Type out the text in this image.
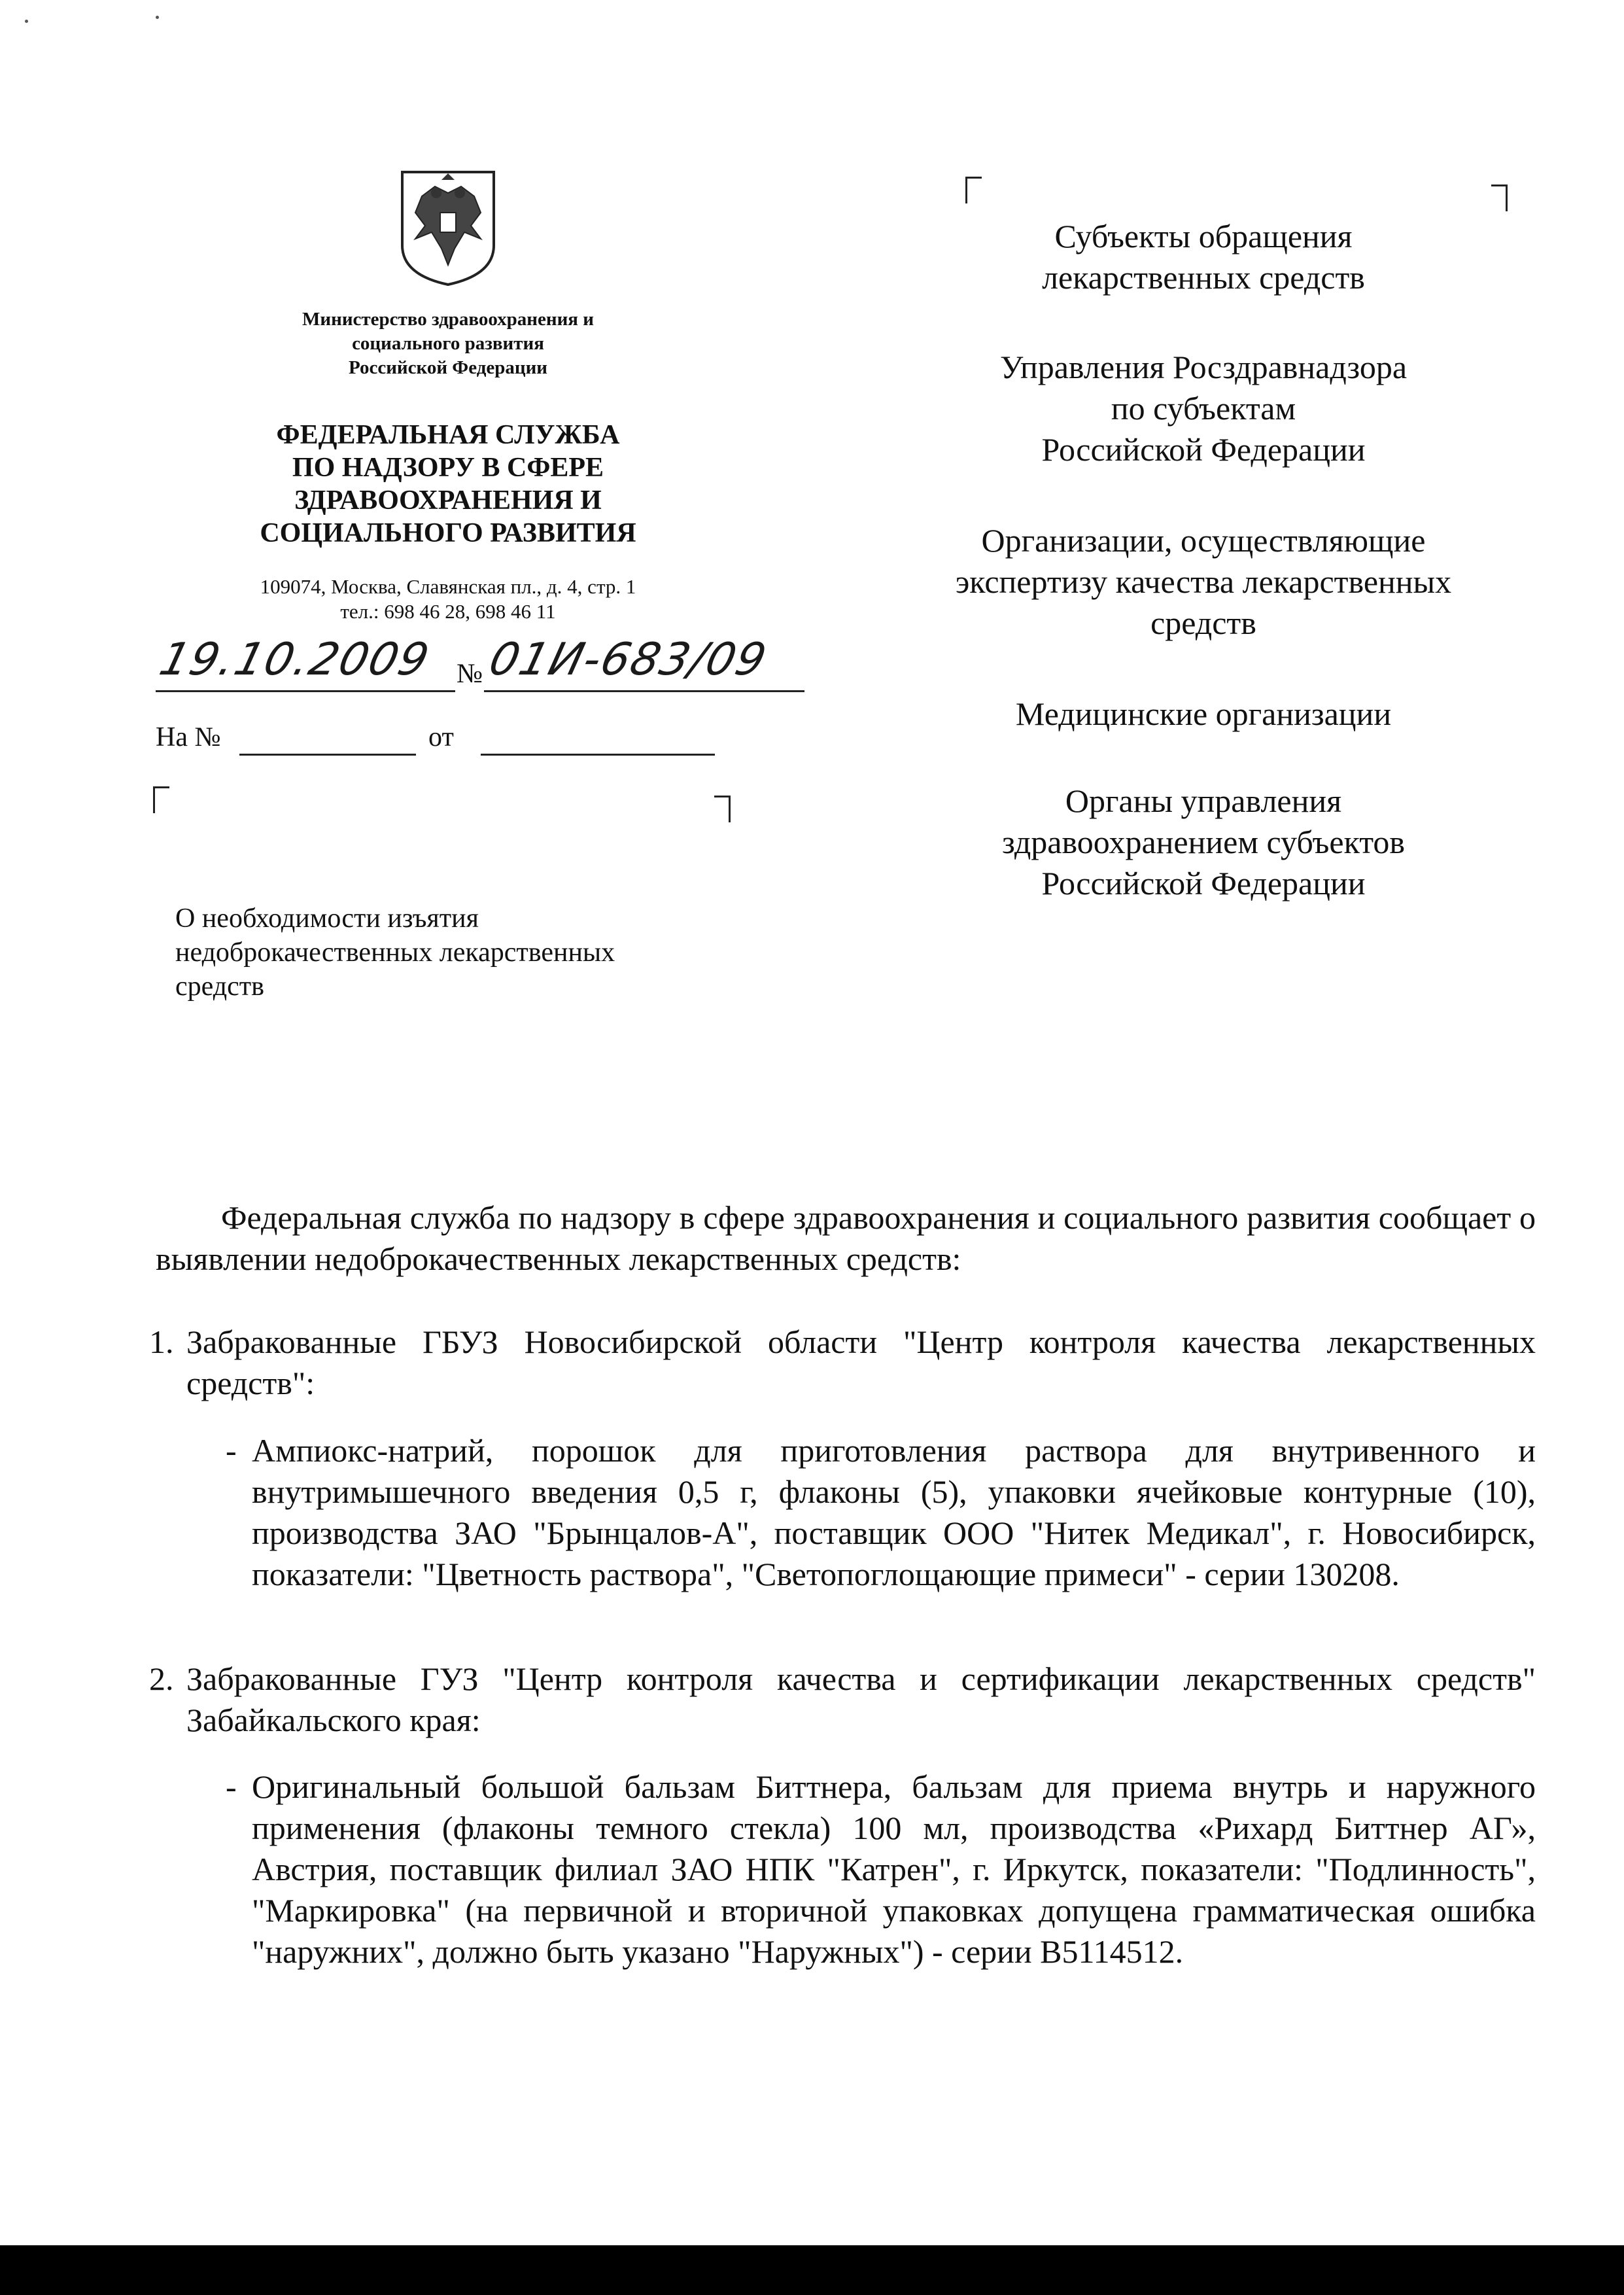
Министерство здравоохранения и
социального развития
Российской Федерации
ФЕДЕРАЛЬНАЯ СЛУЖБА
ПО НАДЗОРУ В СФЕРЕ
ЗДРАВООХРАНЕНИЯ И
СОЦИАЛЬНОГО РАЗВИТИЯ
109074, Москва, Славянская пл., д. 4, стр. 1
тел.: 698 46 28, 698 46 11
19.10.2009 № 01И-683/09
На №	от
О необходимости изъятия
недоброкачественных лекарственных
средств
Субъекты обращения
лекарственных средств
Управления Росздравнадзора
по субъектам
Российской Федерации
Организации, осуществляющие
экспертизу качества лекарственных
средств
Медицинские организации
Органы управления
здравоохранением субъектов
Российской Федерации
Федеральная служба по надзору в сфере здравоохранения и социального развития сообщает о выявлении недоброкачественных лекарственных средств:
1. Забракованные ГБУЗ Новосибирской области "Центр контроля качества лекарственных средств":
- Ампиокс-натрий, порошок для приготовления раствора для внутривенного и внутримышечного введения 0,5 г, флаконы (5), упаковки ячейковые контурные (10), производства ЗАО "Брынцалов-А", поставщик ООО "Нитек Медикал", г. Новосибирск, показатели: "Цветность раствора", "Светопоглощающие примеси" - серии 130208.
2. Забракованные ГУЗ "Центр контроля качества и сертификации лекарственных средств" Забайкальского края:
- Оригинальный большой бальзам Биттнера, бальзам для приема внутрь и наружного применения (флаконы темного стекла) 100 мл, производства «Рихард Биттнер АГ», Австрия, поставщик филиал ЗАО НПК "Катрен", г. Иркутск, показатели: "Подлинность", "Маркировка" (на первичной и вторичной упаковках допущена грамматическая ошибка "наружних", должно быть указано "Наружных") - серии B5114512.
